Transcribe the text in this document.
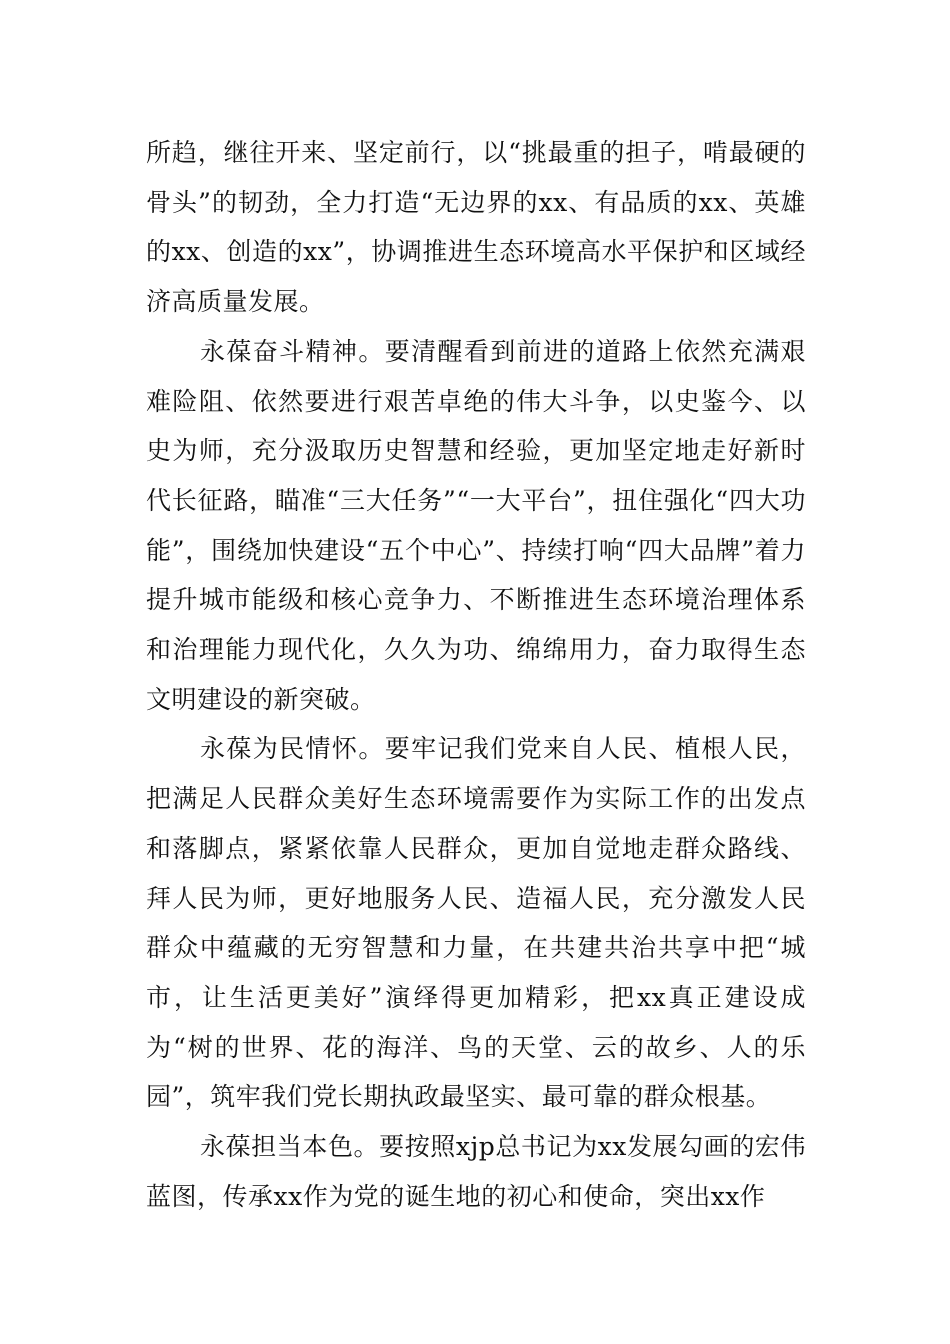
所趋，继往开来、坚定前行，以“挑最重的担子，啃最硬的骨头”的韧劲，全力打造“无边界的xx、有品质的xx、英雄的xx、创造的xx”，协调推进生态环境高水平保护和区域经济高质量发展。

永葆奋斗精神。要清醒看到前进的道路上依然充满艰难险阻、依然要进行艰苦卓绝的伟大斗争，以史鉴今、以史为师，充分汲取历史智慧和经验，更加坚定地走好新时代长征路，瞄准“三大任务”“一大平台”，扭住强化“四大功能”，围绕加快建设“五个中心”、持续打响“四大品牌”着力提升城市能级和核心竞争力、不断推进生态环境治理体系和治理能力现代化，久久为功、绵绵用力，奋力取得生态文明建设的新突破。

永葆为民情怀。要牢记我们党来自人民、植根人民，把满足人民群众美好生态环境需要作为实际工作的出发点和落脚点，紧紧依靠人民群众，更加自觉地走群众路线、拜人民为师，更好地服务人民、造福人民，充分激发人民群众中蕴藏的无穷智慧和力量，在共建共治共享中把“城市，让生活更美好”演绎得更加精彩，把xx真正建设成为“树的世界、花的海洋、鸟的天堂、云的故乡、人的乐园”，筑牢我们党长期执政最坚实、最可靠的群众根基。

永葆担当本色。要按照xjp总书记为xx发展勾画的宏伟蓝图，传承xx作为党的诞生地的初心和使命，突出xx作
